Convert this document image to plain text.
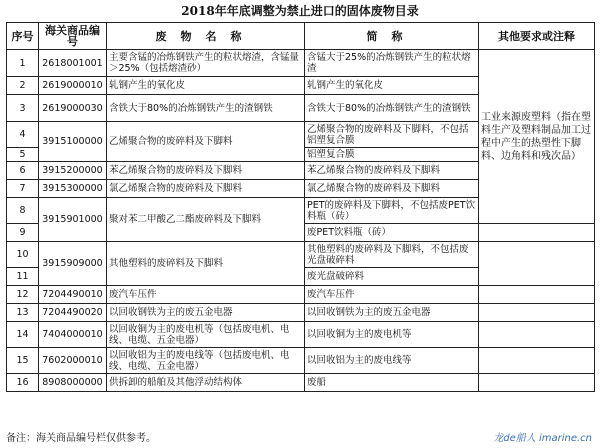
2018年年底调整为禁止进口的固体废物目录
序号	海关商品编号	废物名称	简称	其他要求或注释
1	2618001001	主要含锰的冶炼钢铁产生的粒状熔渣，含锰量＞25%（包括熔渣砂）	含锰大于25%的冶炼钢铁产生的粒状熔渣	工业来源废塑料（指在塑料生产及塑料制品加工过程中产生的热塑性下脚料、边角料和残次品）
2	2619000010	轧钢产生的氧化皮	轧钢产生的氧化皮	
3	2619000030	含铁大于80%的冶炼钢铁产生的渣钢铁	含铁大于80%的冶炼钢铁产生的渣钢铁	
4	3915100000	乙烯聚合物的废碎料及下脚料	乙烯聚合物的废碎料及下脚料，不包括铝塑复合膜	
5			铝塑复合膜	
6	3915200000	苯乙烯聚合物的废碎料及下脚料	苯乙烯聚合物的废碎料及下脚料	
7	3915300000	氯乙烯聚合物的废碎料及下脚料	氯乙烯聚合物的废碎料及下脚料	
8	3915901000	聚对苯二甲酸乙二酯废碎料及下脚料	PET的废碎料及下脚料，不包括废PET饮料瓶（砖）	
9			废PET饮料瓶（砖）	
10	3915909000	其他塑料的废碎料及下脚料	其他塑料的废碎料及下脚料，不包括废光盘破碎料	
11			废光盘破碎料	
12	7204490010	废汽车压件	废汽车压件	
13	7204490020	以回收钢铁为主的废五金电器	以回收钢铁为主的废五金电器	
14	7404000010	以回收铜为主的废电机等（包括废电机、电线、电缆、五金电器）	以回收铜为主的废电机等	
15	7602000010	以回收铝为主的废电线等（包括废电机、电线、电缆、五金电器）	以回收铝为主的废电线等	
16	8908000000	供拆卸的船舶及其他浮动结构体	废船	
备注：海关商品编号栏仅供参考。	龙de船人 imarine.cn
